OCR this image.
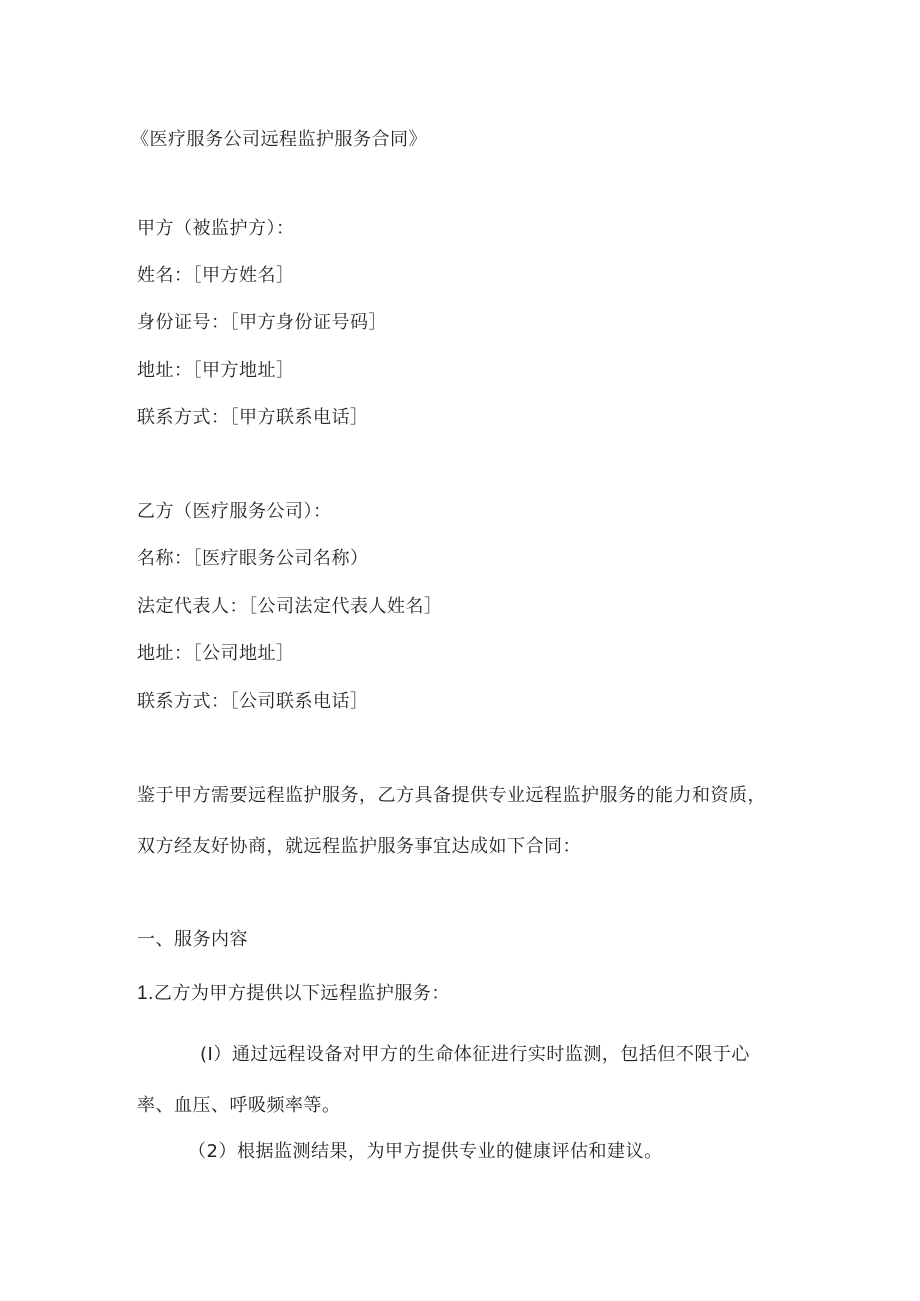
《医疗服务公司远程监护服务合同》
甲方（被监护方）：
姓名：［甲方姓名］
身份证号：［甲方身份证号码］
地址：［甲方地址］
联系方式：［甲方联系电话］
乙方（医疗服务公司）：
名称：［医疗眼务公司名称）
法定代表人：［公司法定代表人姓名］
地址：［公司地址］
联系方式：［公司联系电话］
鉴于甲方需要远程监护服务，乙方具备提供专业远程监护服务的能力和资质，
双方经友好协商，就远程监护服务事宜达成如下合同：
一、服务内容
1.乙方为甲方提供以下远程监护服务：
(I）通过远程设备对甲方的生命体征进行实时监测，包括但不限于心
率、血压、呼吸频率等。
（2）根据监测结果，为甲方提供专业的健康评估和建议。
